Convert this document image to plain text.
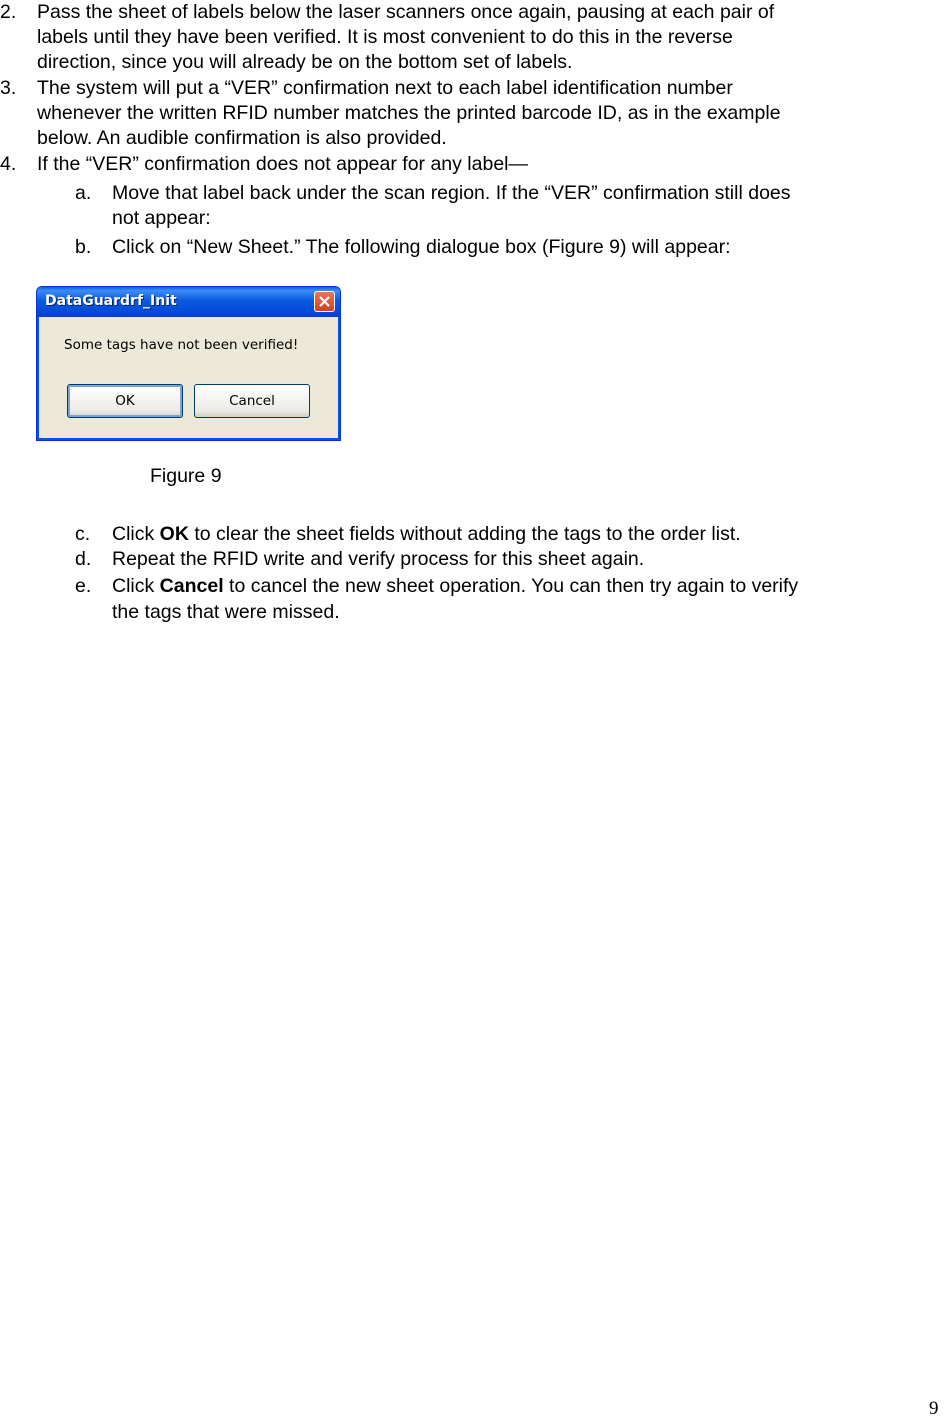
2. Pass the sheet of labels below the laser scanners once again, pausing at each pair of
labels until they have been verified. It is most convenient to do this in the reverse
direction, since you will already be on the bottom set of labels.
3. The system will put a “VER” confirmation next to each label identification number
whenever the written RFID number matches the printed barcode ID, as in the example
below. An audible confirmation is also provided.
4. If the “VER” confirmation does not appear for any label—
a. Move that label back under the scan region. If the “VER” confirmation still does
not appear:
b. Click on “New Sheet.” The following dialogue box (Figure 9) will appear:
DataGuardrf_Init
Some tags have not been verified!
OK	Cancel
Figure 9
c. Click OK to clear the sheet fields without adding the tags to the order list.
d. Repeat the RFID write and verify process for this sheet again.
e. Click Cancel to cancel the new sheet operation. You can then try again to verify
the tags that were missed.
9
